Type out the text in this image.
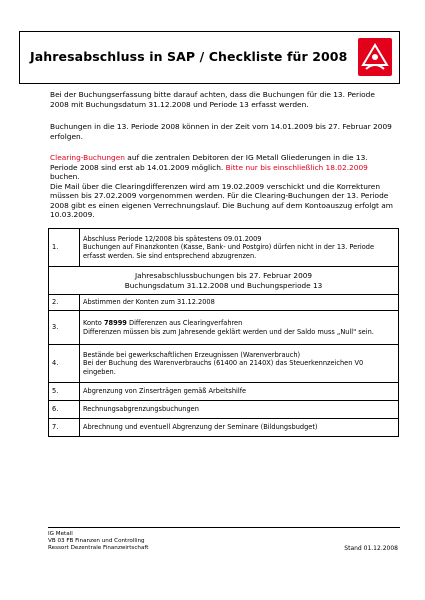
Jahresabschluss in SAP / Checkliste für 2008

Bei der Buchungserfassung bitte darauf achten, dass die Buchungen für die 13. Periode 2008 mit Buchungsdatum 31.12.2008 und Periode 13 erfasst werden.

Buchungen in die 13. Periode 2008 können in der Zeit vom 14.01.2009 bis 27. Februar 2009 erfolgen.

Clearing-Buchungen auf die zentralen Debitoren der IG Metall Gliederungen in die 13. Periode 2008 sind erst ab 14.01.2009 möglich. Bitte nur bis einschließlich 18.02.2009 buchen.

Die Mail über die Clearingdifferenzen wird am 19.02.2009 verschickt und die Korrekturen müssen bis 27.02.2009 vorgenommen werden. Für die Clearing-Buchungen der 13. Periode 2008 gibt es einen eigenen Verrechnungslauf. Die Buchung auf dem Kontoauszug erfolgt am 10.03.2009.

1.	Abschluss Periode 12/2008 bis spätestens 09.01.2009
Buchungen auf Finanzkonten (Kasse, Bank- und Postgiro) dürfen nicht in der 13. Periode erfasst werden. Sie sind entsprechend abzugrenzen.

Jahresabschlussbuchungen bis 27. Februar 2009
Buchungsdatum 31.12.2008 und Buchungsperiode 13	

2.	Abstimmen der Konten zum 31.12.2008
3.	Konto 78999 Differenzen aus Clearingverfahren
Differenzen müssen bis zum Jahresende geklärt werden und der Saldo muss „Null" sein.

4.	Bestände bei gewerkschaftlichen Erzeugnissen (Warenverbrauch)
Bei der Buchung des Warenverbrauchs (61400 an 2140X) das Steuerkennzeichen V0 eingeben.

5.	Abgrenzung von Zinserträgen gemäß Arbeitshilfe
6.	Rechnungsabgrenzungsbuchungen
7.	Abrechnung und eventuell Abgrenzung der Seminare (Bildungsbudget)
IG Metall
VB 03 FB Finanzen und Controlling
Ressort Dezentrale Finanzwirtschaft	Stand 01.12.2008
